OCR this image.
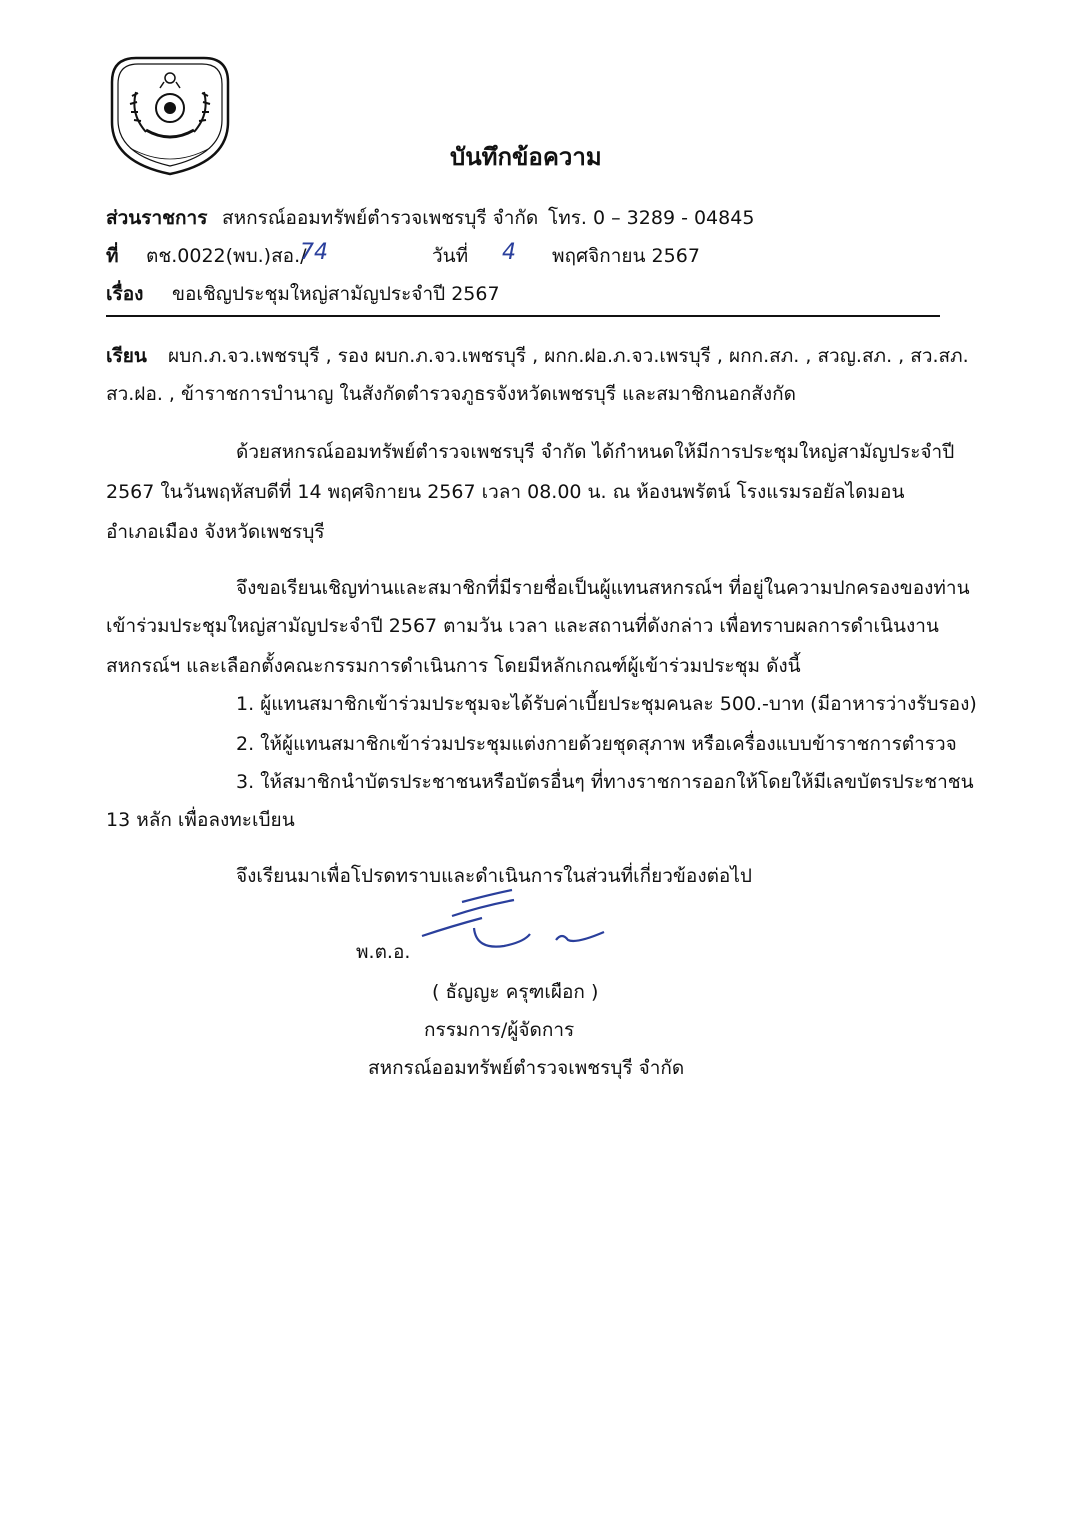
บันทึกข้อความ
ส่วนราชการ สหกรณ์ออมทรัพย์ตำรวจเพชรบุรี จำกัด โทร. 0 – 3289 - 04845
ที่ ตช.0022(พบ.)สอ./
74	วันที่ 4 พฤศจิกายน 2567
เรื่อง ขอเชิญประชุมใหญ่สามัญประจำปี 2567
เรียน ผบก.ภ.จว.เพชรบุรี , รอง ผบก.ภ.จว.เพชรบุรี , ผกก.ฝอ.ภ.จว.เพรบุรี , ผกก.สภ. , สวญ.สภ. , สว.สภ.
สว.ฝอ. , ข้าราชการบำนาญ ในสังกัดตำรวจภูธรจังหวัดเพชรบุรี และสมาชิกนอกสังกัด
ด้วยสหกรณ์ออมทรัพย์ตำรวจเพชรบุรี จำกัด ได้กำหนดให้มีการประชุมใหญ่สามัญประจำปี
2567 ในวันพฤหัสบดีที่ 14 พฤศจิกายน 2567 เวลา 08.00 น. ณ ห้องนพรัตน์ โรงแรมรอยัลไดมอน
อำเภอเมือง จังหวัดเพชรบุรี
จึงขอเรียนเชิญท่านและสมาชิกที่มีรายชื่อเป็นผู้แทนสหกรณ์ฯ ที่อยู่ในความปกครองของท่าน
เข้าร่วมประชุมใหญ่สามัญประจำปี 2567 ตามวัน เวลา และสถานที่ดังกล่าว เพื่อทราบผลการดำเนินงาน
สหกรณ์ฯ และเลือกตั้งคณะกรรมการดำเนินการ โดยมีหลักเกณฑ์ผู้เข้าร่วมประชุม ดังนี้
1. ผู้แทนสมาชิกเข้าร่วมประชุมจะได้รับค่าเบี้ยประชุมคนละ 500.-บาท (มีอาหารว่างรับรอง)
2. ให้ผู้แทนสมาชิกเข้าร่วมประชุมแต่งกายด้วยชุดสุภาพ หรือเครื่องแบบข้าราชการตำรวจ
3. ให้สมาชิกนำบัตรประชาชนหรือบัตรอื่นๆ ที่ทางราชการออกให้โดยให้มีเลขบัตรประชาชน
13 หลัก เพื่อลงทะเบียน
จึงเรียนมาเพื่อโปรดทราบและดำเนินการในส่วนที่เกี่ยวข้องต่อไป
พ.ต.อ.
( ธัญญะ ครุฑเผือก )
กรรมการ/ผู้จัดการ
สหกรณ์ออมทรัพย์ตำรวจเพชรบุรี จำกัด
